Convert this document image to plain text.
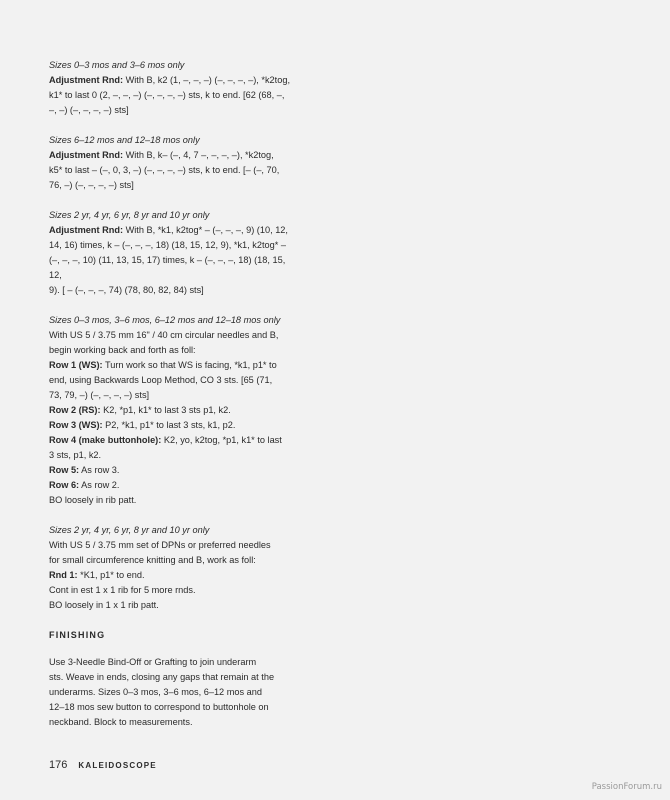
Sizes 0–3 mos and 3–6 mos only

Adjustment Rnd: With B, k2 (1, –, –, –) (–, –, –, –), *k2tog,

k1* to last 0 (2, –, –, –) (–, –, –, –) sts, k to end. [62 (68, –,

–, –) (–, –, –, –) sts]

Sizes 6–12 mos and 12–18 mos only

Adjustment Rnd: With B, k– (–, 4, 7 –, –, –, –), *k2tog,

k5* to last – (–, 0, 3, –) (–, –, –, –) sts, k to end. [– (–, 70,

76, –) (–, –, –, –) sts]

Sizes 2 yr, 4 yr, 6 yr, 8 yr and 10 yr only

Adjustment Rnd: With B, *k1, k2tog* – (–, –, –, 9) (10, 12,

14, 16) times, k – (–, –, –, 18) (18, 15, 12, 9), *k1, k2tog* –

(–, –, –, 10) (11, 13, 15, 17) times, k – (–, –, –, 18) (18, 15, 12,

9). [ – (–, –, –, 74) (78, 80, 82, 84) sts]

Sizes 0–3 mos, 3–6 mos, 6–12 mos and 12–18 mos only

With US 5 / 3.75 mm 16" / 40 cm circular needles and B,

begin working back and forth as foll:

Row 1 (WS): Turn work so that WS is facing, *k1, p1* to

end, using Backwards Loop Method, CO 3 sts. [65 (71,

73, 79, –) (–, –, –, –) sts]

Row 2 (RS): K2, *p1, k1* to last 3 sts p1, k2.

Row 3 (WS): P2, *k1, p1* to last 3 sts, k1, p2.

Row 4 (make buttonhole): K2, yo, k2tog, *p1, k1* to last

3 sts, p1, k2.

Row 5: As row 3.

Row 6: As row 2.

BO loosely in rib patt.

Sizes 2 yr, 4 yr, 6 yr, 8 yr and 10 yr only

With US 5 / 3.75 mm set of DPNs or preferred needles

for small circumference knitting and B, work as foll:

Rnd 1: *K1, p1* to end.

Cont in est 1 x 1 rib for 5 more rnds.

BO loosely in 1 x 1 rib patt.

FINISHING
Use 3-Needle Bind-Off or Grafting to join underarm
sts. Weave in ends, closing any gaps that remain at the
underarms. Sizes 0–3 mos, 3–6 mos, 6–12 mos and
12–18 mos sew button to correspond to buttonhole on
neckband. Block to measurements.
176 KALEIDOSCOPE
PassionForum.ru
